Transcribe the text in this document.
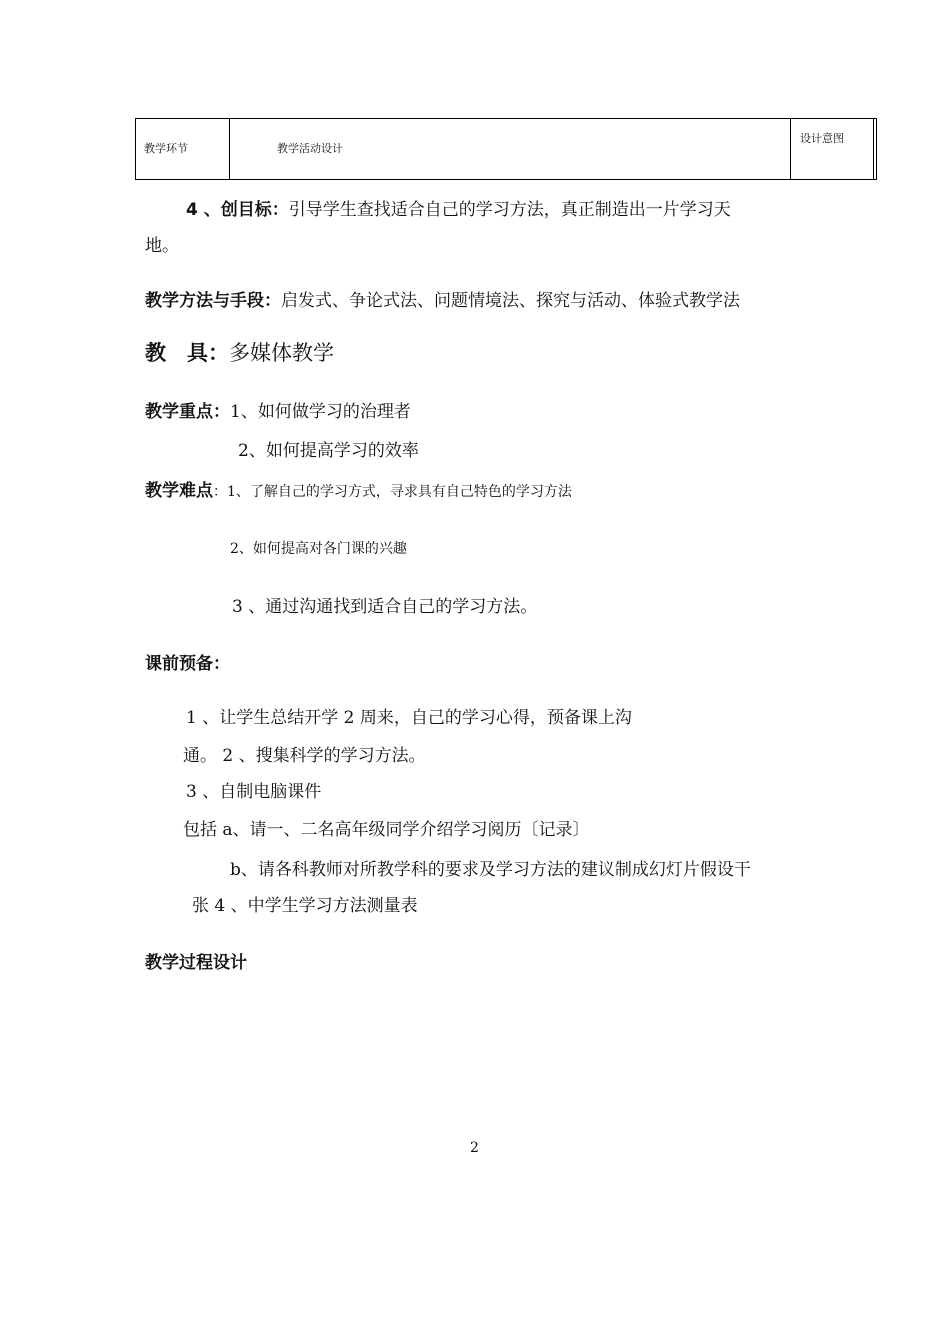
教学环节	教学活动设计
设计意图
4 、创目标：引导学生查找适合自己的学习方法，真正制造出一片学习天
地。
教学方法与手段：启发式、争论式法、问题情境法、探究与活动、体验式教学法
教　具：多媒体教学
教学重点：1、如何做学习的治理者
2、如何提高学习的效率
教学难点：1、了解自己的学习方式，寻求具有自己特色的学习方法
2、如何提高对各门课的兴趣
3 、通过沟通找到适合自己的学习方法。
课前预备：
1 、让学生总结开学 2 周来，自己的学习心得，预备课上沟
通。 2 、搜集科学的学习方法。
3 、自制电脑课件
包括 a、请一、二名高年级同学介绍学习阅历〔记录〕
b、请各科教师对所教学科的要求及学习方法的建议制成幻灯片假设干
张 4 、中学生学习方法测量表
教学过程设计
2
